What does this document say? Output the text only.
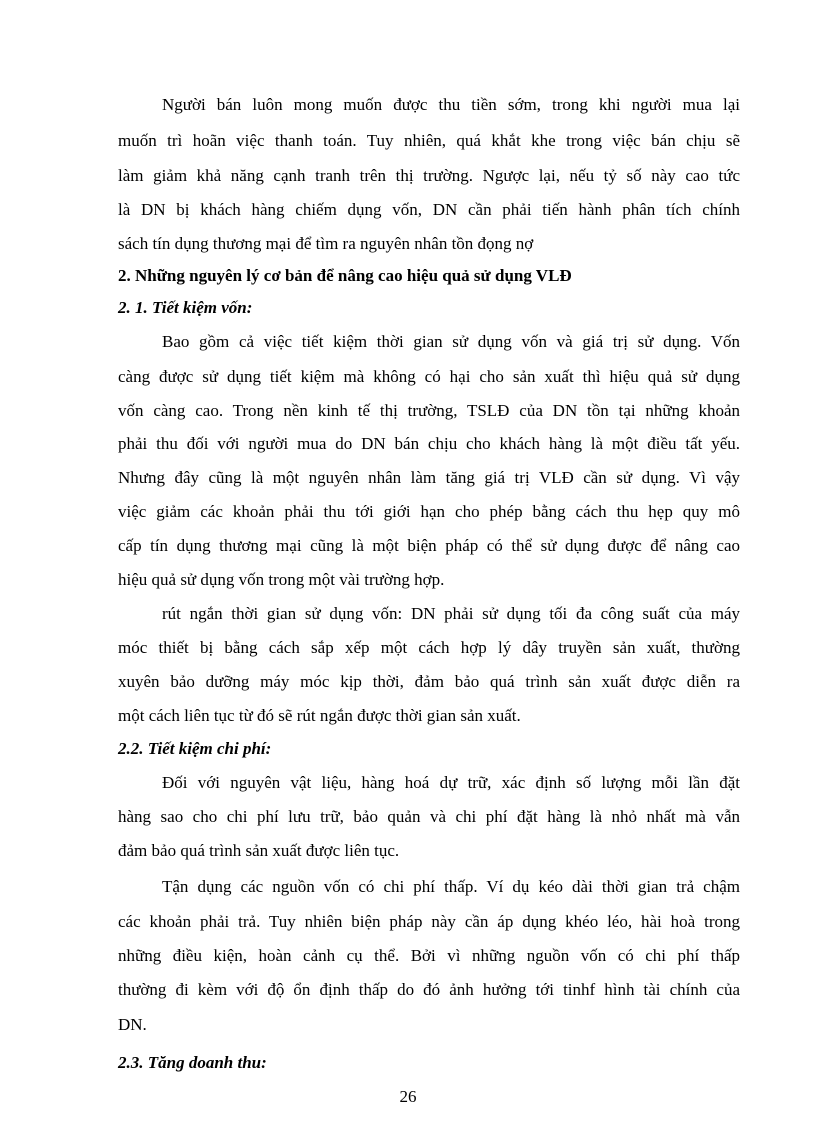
Người bán luôn mong muốn được thu tiền sớm, trong khi người mua lại
muốn trì hoãn việc thanh toán. Tuy nhiên, quá khắt khe trong việc bán chịu sẽ
làm giảm khả năng cạnh tranh trên thị trường. Ngược lại, nếu tỷ số này cao tức
là DN bị khách hàng chiếm dụng vốn, DN cần phải tiến hành phân tích chính
sách tín dụng thương mại để tìm ra nguyên nhân tồn đọng nợ
2. Những nguyên lý cơ bản để nâng cao hiệu quả sử dụng VLĐ
2. 1. Tiết kiệm vốn:
Bao gồm cả việc tiết kiệm thời gian sử dụng vốn và giá trị sử dụng. Vốn
càng được sử dụng tiết kiệm mà không có hại cho sản xuất thì hiệu quả sử dụng
vốn càng cao. Trong nền kinh tế thị trường, TSLĐ của DN tồn tại những khoản
phải thu đối với người mua do DN bán chịu cho khách hàng là một điều tất yếu.
Nhưng đây cũng là một nguyên nhân làm tăng giá trị VLĐ cần sử dụng. Vì vậy
việc giảm các khoản phải thu tới giới hạn cho phép bằng cách thu hẹp quy mô
cấp tín dụng thương mại cũng là một biện pháp có thể sử dụng được để nâng cao
hiệu quả sử dụng vốn trong một vài trường hợp.
rút ngắn thời gian sử dụng vốn: DN phải sử dụng tối đa công suất của máy
móc thiết bị bằng cách sắp xếp một cách hợp lý dây truyền sản xuất, thường
xuyên bảo dưỡng máy móc kịp thời, đảm bảo quá trình sản xuất được diễn ra
một cách liên tục từ đó sẽ rút ngắn được thời gian sản xuất.
2.2. Tiết kiệm chi phí:
Đối với nguyên vật liệu, hàng hoá dự trữ, xác định số lượng mỗi lần đặt
hàng sao cho chi phí lưu trữ, bảo quản và chi phí đặt hàng là nhỏ nhất mà vẫn
đảm bảo quá trình sản xuất được liên tục.
Tận dụng các nguồn vốn có chi phí thấp. Ví dụ kéo dài thời gian trả chậm
các khoản phải trả. Tuy nhiên biện pháp này cần áp dụng khéo léo, hài hoà trong
những điều kiện, hoàn cảnh cụ thể. Bởi vì những nguồn vốn có chi phí thấp
thường đi kèm với độ ổn định thấp do đó ảnh hưởng tới tinhf hình tài chính của
DN.
2.3. Tăng doanh thu:
26
